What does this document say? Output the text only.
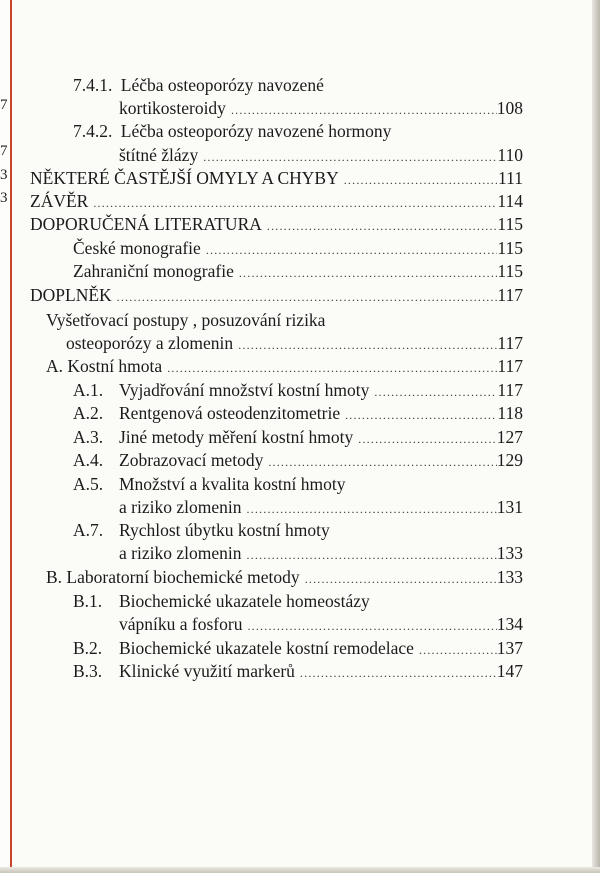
7
7
3
3
7.4.1. Léčba osteoporózy navozené
kortikosteroidy .....	108
7.4.2. Léčba osteoporózy navozené hormony
štítné žlázy .....	110
NĚKTERÉ ČASTĚJŠÍ OMYLY A CHYBY .....	111
ZÁVĚR .....	114
DOPORUČENÁ LITERATURA .....	115
České monografie .....	115
Zahraniční monografie .....	115
DOPLNĚK .....	117
Vyšetřovací postupy , posuzování rizika
osteoporózy a zlomenin .....	117
A. Kostní hmota .....	117
A.1. Vyjadřování množství kostní hmoty .....	117
A.2. Rentgenová osteodenzitometrie .....	118
A.3. Jiné metody měření kostní hmoty .....	127
A.4. Zobrazovací metody .....	129
A.5. Množství a kvalita kostní hmoty
a riziko zlomenin .....	131
A.7. Rychlost úbytku kostní hmoty
a riziko zlomenin .....	133
B. Laboratorní biochemické metody .....	133
B.1. Biochemické ukazatele homeostázy
vápníku a fosforu .....	134
B.2. Biochemické ukazatele kostní remodelace .....	137
B.3. Klinické využití markerů .....	147
